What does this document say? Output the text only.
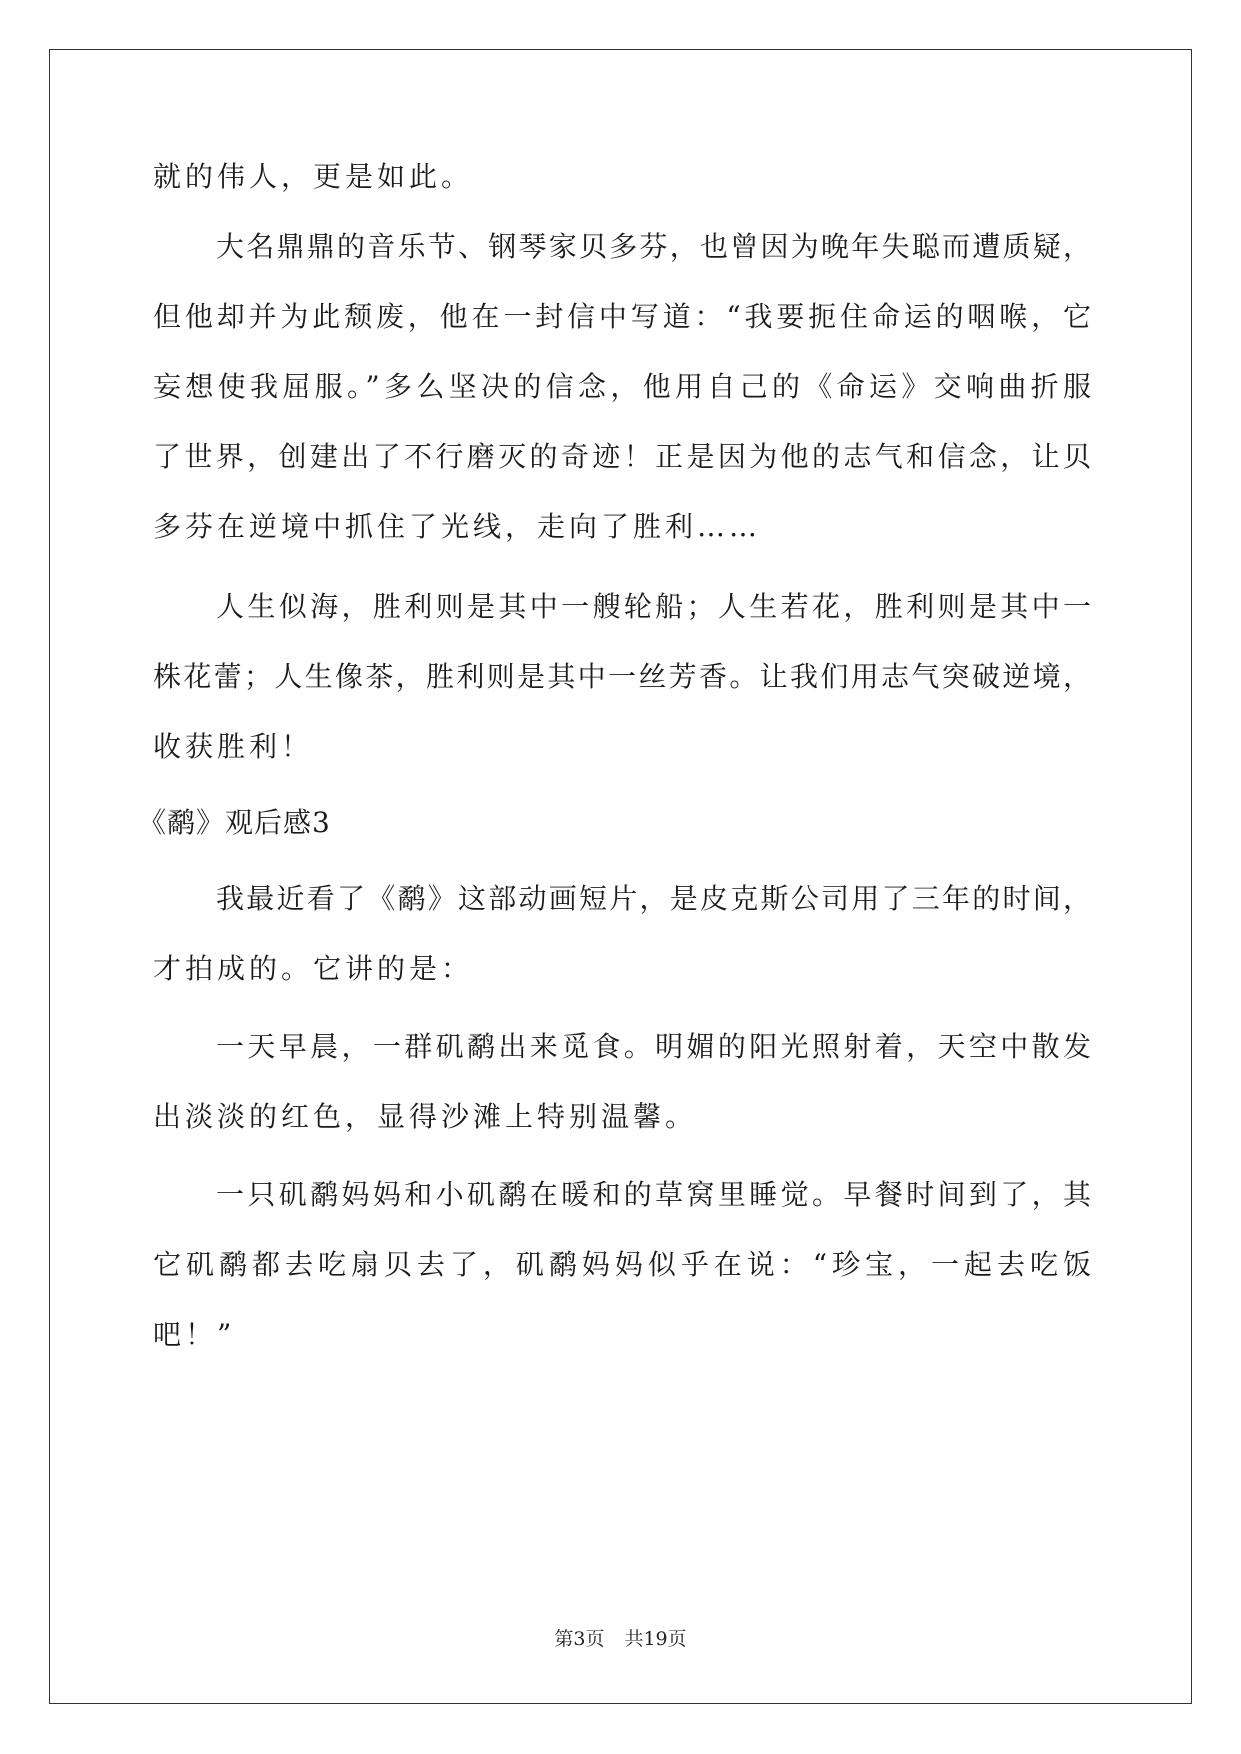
就的伟人，更是如此。
大名鼎鼎的音乐节、钢琴家贝多芬，也曾因为晚年失聪而遭质疑，
但他却并为此颓废，他在一封信中写道：“我要扼住命运的咽喉，它
妄想使我屈服。”多么坚决的信念，他用自己的《命运》交响曲折服
了世界，创建出了不行磨灭的奇迹！正是因为他的志气和信念，让贝
多芬在逆境中抓住了光线，走向了胜利……
人生似海，胜利则是其中一艘轮船；人生若花，胜利则是其中一
株花蕾；人生像茶，胜利则是其中一丝芳香。让我们用志气突破逆境，
收获胜利！
《鹬》观后感3
我最近看了《鹬》这部动画短片，是皮克斯公司用了三年的时间，
才拍成的。它讲的是：
一天早晨，一群矶鹬出来觅食。明媚的阳光照射着，天空中散发
出淡淡的红色，显得沙滩上特别温馨。
一只矶鹬妈妈和小矶鹬在暖和的草窝里睡觉。早餐时间到了，其
它矶鹬都去吃扇贝去了，矶鹬妈妈似乎在说：“珍宝，一起去吃饭
吧！”
第3页 共19页
